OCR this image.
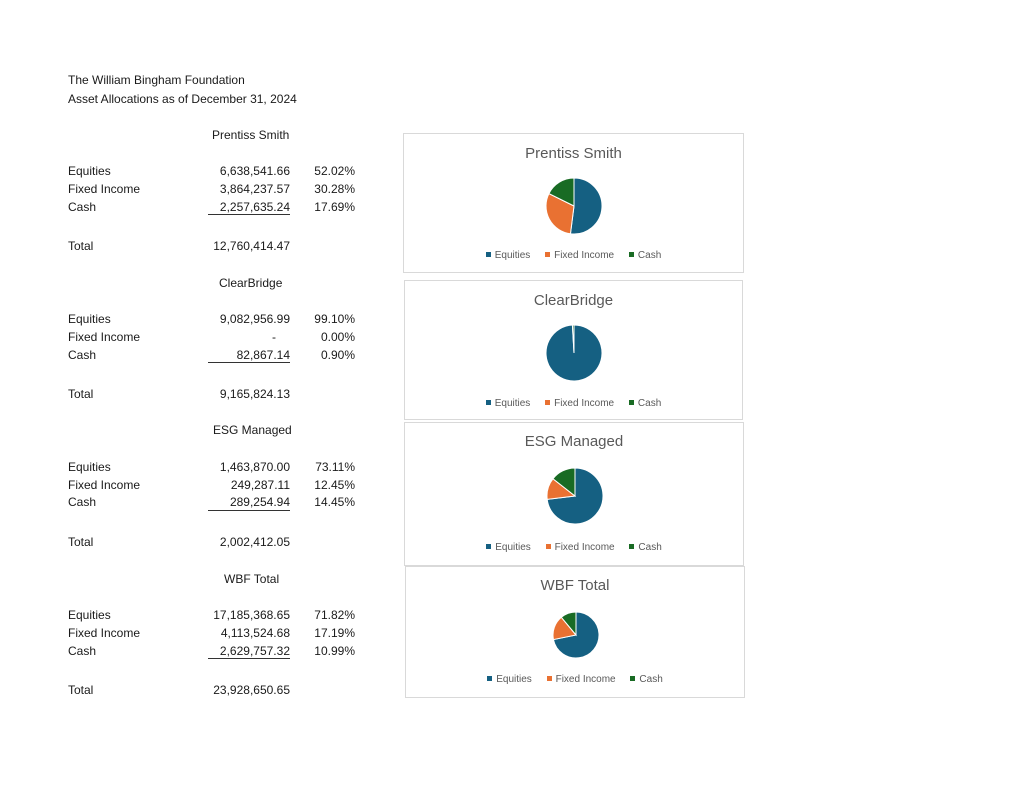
The William Bingham Foundation
Asset Allocations as of December 31, 2024
Prentiss Smith
Equities	6,638,541.66 52.02%
Fixed Income	3,864,237.57 30.28%
Cash	2,257,635.24 17.69%
Total	12,760,414.47
ClearBridge
Equities	9,082,956.99 99.10%
Fixed Income	-	0.00%
Cash	82,867.14	0.90%
Total	9,165,824.13
ESG Managed
Equities	1,463,870.00 73.11%
Fixed Income	249,287.11 12.45%
Cash	289,254.94 14.45%
Total	2,002,412.05
WBF Total
Equities	17,185,368.65 71.82%
Fixed Income	4,113,524.68 17.19%
Cash	2,629,757.32 10.99%
Total	23,928,650.65
Prentiss Smith
Equities Fixed Income Cash
ClearBridge
Equities Fixed Income Cash
ESG Managed
Equities Fixed Income Cash
WBF Total
Equities Fixed Income Cash
